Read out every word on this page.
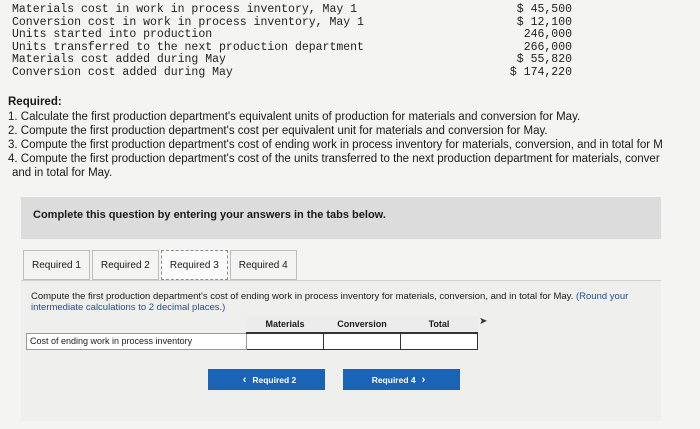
Materials cost in work in process inventory, May 1	$ 45,500
Conversion cost in work in process inventory, May 1	$ 12,100
Units started into production	246,000
Units transferred to the next production department	266,000
Materials cost added during May	$ 55,820
Conversion cost added during May	$ 174,220
Required:
1. Calculate the first production department's equivalent units of production for materials and conversion for May.
2. Compute the first production department's cost per equivalent unit for materials and conversion for May.
3. Compute the first production department's cost of ending work in process inventory for materials, conversion, and in total for M
4. Compute the first production department's cost of the units transferred to the next production department for materials, conver
and in total for May.
Complete this question by entering your answers in the tabs below.
Required 1	Required 2	Required 3	Required 4
Compute the first production department's cost of ending work in process inventory for materials, conversion, and in total for May. (Round your intermediate calculations to 2 decimal places.)
	Materials	Conversion	Total
Cost of ending work in process inventory			
➤
‹ Required 2	Required 4 ›
